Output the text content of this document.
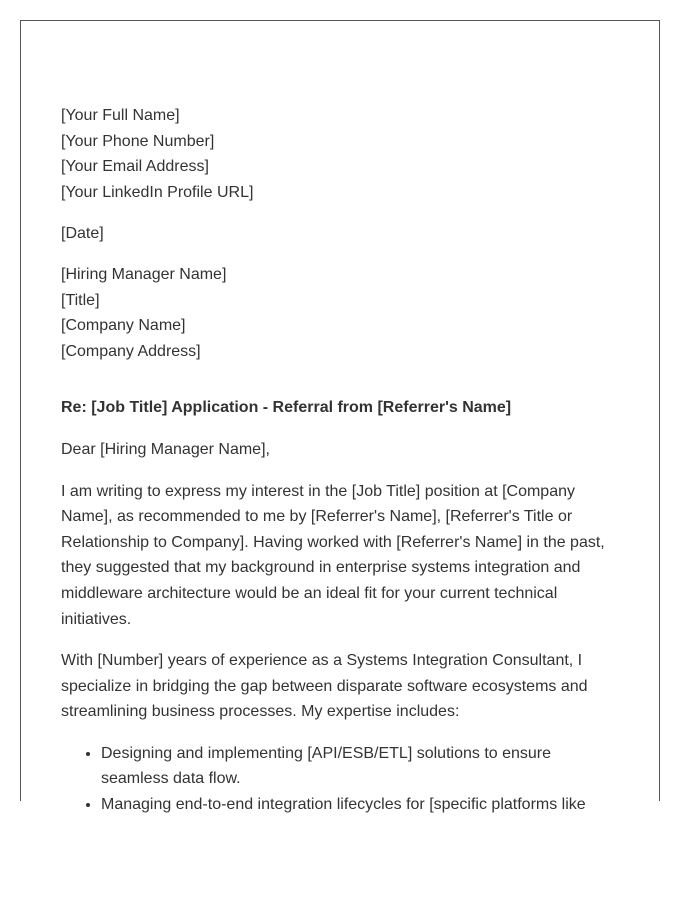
[Your Full Name]
[Your Phone Number]
[Your Email Address]
[Your LinkedIn Profile URL]
[Date]
[Hiring Manager Name]
[Title]
[Company Name]
[Company Address]
Re: [Job Title] Application - Referral from [Referrer's Name]

Dear [Hiring Manager Name],

I am writing to express my interest in the [Job Title] position at [Company Name], as recommended to me by [Referrer's Name], [Referrer's Title or Relationship to Company]. Having worked with [Referrer's Name] in the past, they suggested that my background in enterprise systems integration and middleware architecture would be an ideal fit for your current technical initiatives.

With [Number] years of experience as a Systems Integration Consultant, I specialize in bridging the gap between disparate software ecosystems and streamlining business processes. My expertise includes:

• Designing and implementing [API/ESB/ETL] solutions to ensure seamless data flow.
• Managing end-to-end integration lifecycles for [specific platforms like
